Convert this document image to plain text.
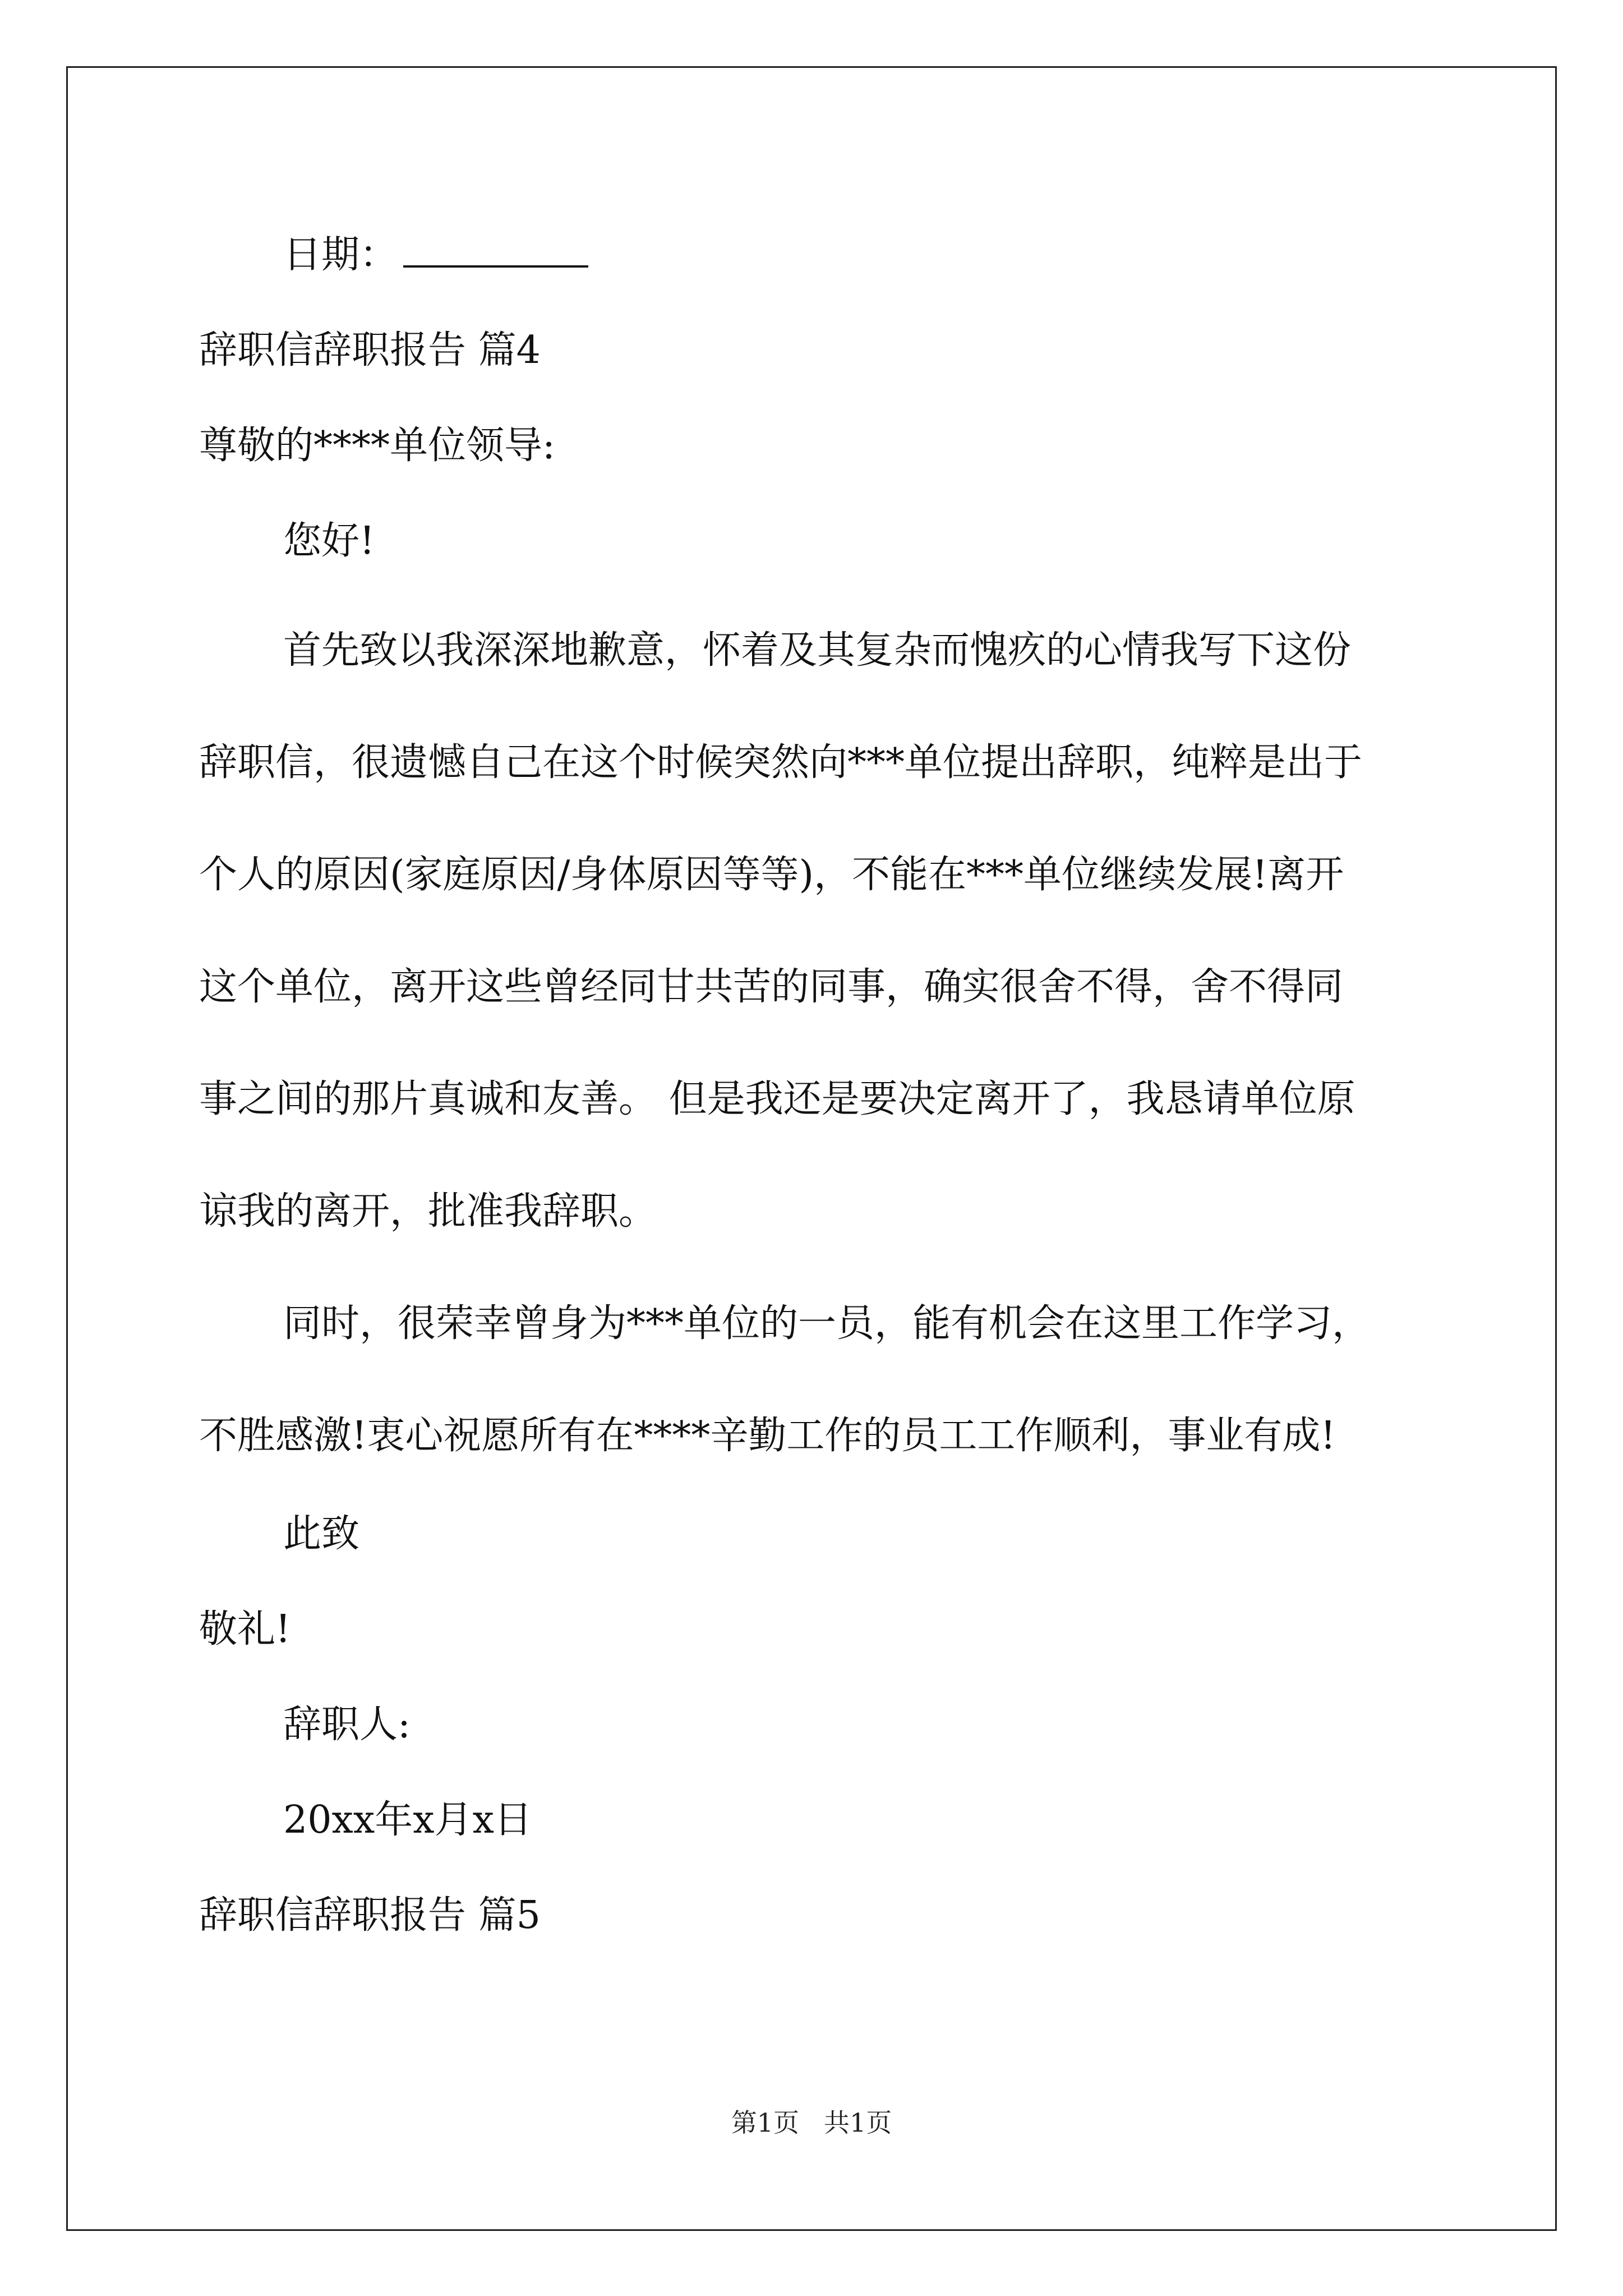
日期：
辞职信辞职报告 篇4
尊敬的****单位领导:
您好!
首先致以我深深地歉意，怀着及其复杂而愧疚的心情我写下这份
辞职信，很遗憾自己在这个时候突然向***单位提出辞职，纯粹是出于
个人的原因(家庭原因/身体原因等等)，不能在***单位继续发展!离开
这个单位，离开这些曾经同甘共苦的同事，确实很舍不得，舍不得同
事之间的那片真诚和友善。 但是我还是要决定离开了，我恳请单位原
谅我的离开，批准我辞职。
同时，很荣幸曾身为***单位的一员，能有机会在这里工作学习，
不胜感激!衷心祝愿所有在****辛勤工作的员工工作顺利，事业有成!
此致
敬礼!
辞职人:
20xx年x月x日
辞职信辞职报告 篇5
第1页 共1页
